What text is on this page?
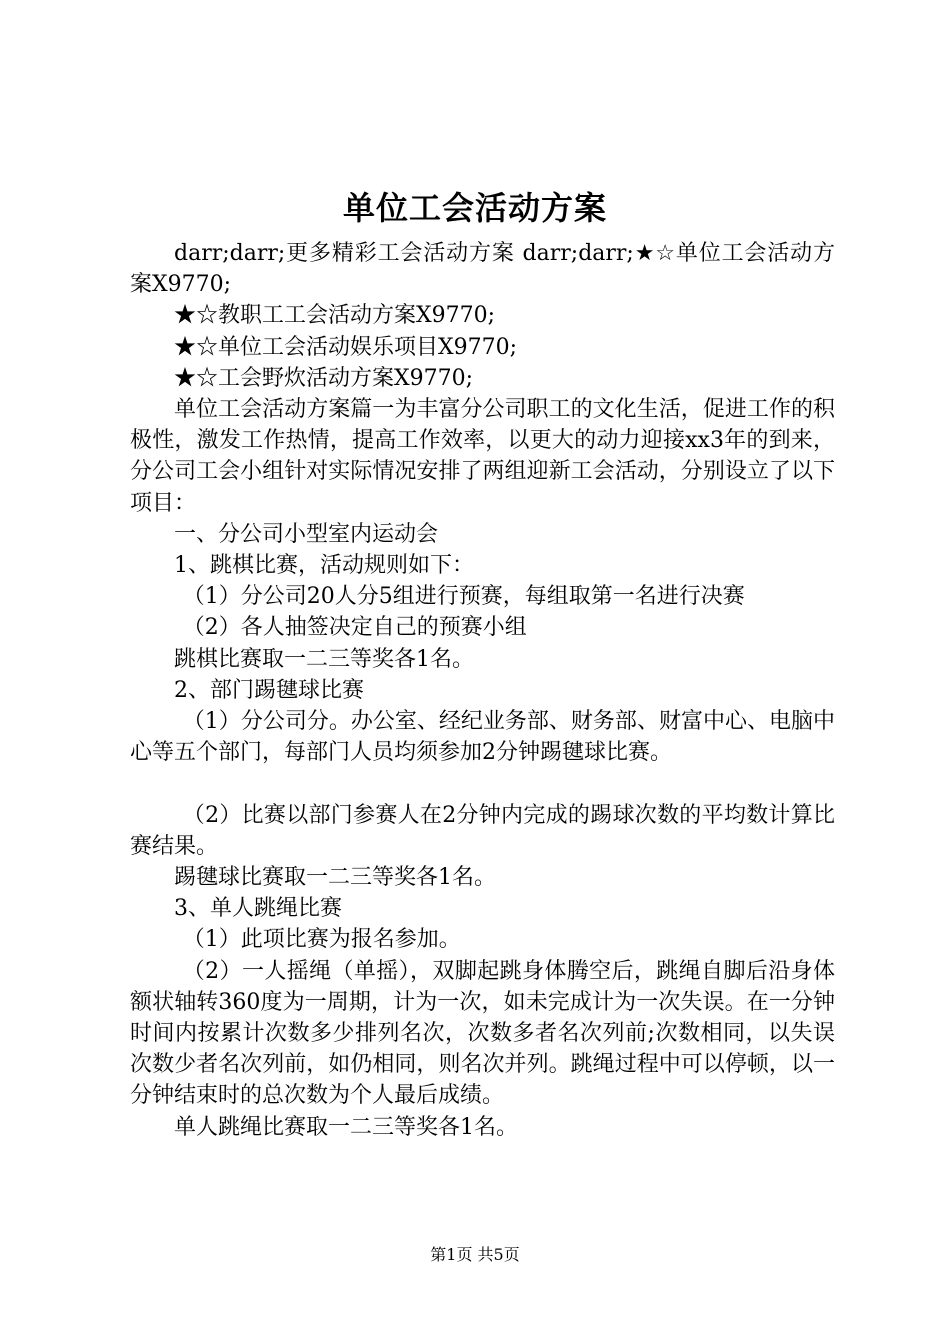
单位工会活动方案

darr;darr;更多精彩工会活动方案 darr;darr;★☆单位工会活动方案X9770;

★☆教职工工会活动方案X9770;

★☆单位工会活动娱乐项目X9770;

★☆工会野炊活动方案X9770;

单位工会活动方案篇一为丰富分公司职工的文化生活，促进工作的积极性，激发工作热情，提高工作效率，以更大的动力迎接xx3年的到来，分公司工会小组针对实际情况安排了两组迎新工会活动，分别设立了以下项目：

一、分公司小型室内运动会

1、跳棋比赛，活动规则如下：

（1）分公司20人分5组进行预赛，每组取第一名进行决赛

（2）各人抽签决定自己的预赛小组

跳棋比赛取一二三等奖各1名。

2、部门踢毽球比赛

（1）分公司分。办公室、经纪业务部、财务部、财富中心、电脑中心等五个部门，每部门人员均须参加2分钟踢毽球比赛。

（2）比赛以部门参赛人在2分钟内完成的踢球次数的平均数计算比赛结果。

踢毽球比赛取一二三等奖各1名。

3、单人跳绳比赛

（1）此项比赛为报名参加。

（2）一人摇绳（单摇），双脚起跳身体腾空后，跳绳自脚后沿身体额状轴转360度为一周期，计为一次，如未完成计为一次失误。在一分钟时间内按累计次数多少排列名次，次数多者名次列前;次数相同，以失误次数少者名次列前，如仍相同，则名次并列。跳绳过程中可以停顿，以一分钟结束时的总次数为个人最后成绩。

单人跳绳比赛取一二三等奖各1名。

第1页 共5页
